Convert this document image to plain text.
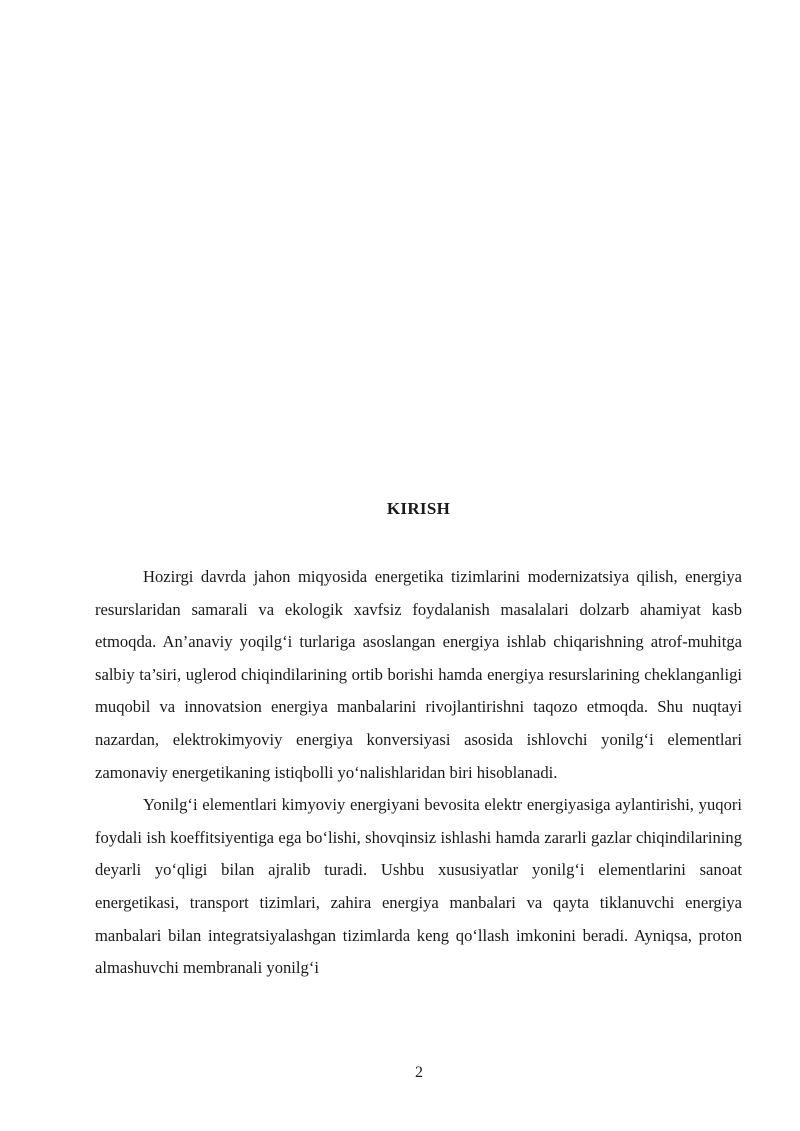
KIRISH

Hozirgi davrda jahon miqyosida energetika tizimlarini modernizatsiya qilish, energiya resurslaridan samarali va ekologik xavfsiz foydalanish masalalari dolzarb ahamiyat kasb etmoqda. An’anaviy yoqilg‘i turlariga asoslangan energiya ishlab chiqarishning atrof-muhitga salbiy ta’siri, uglerod chiqindilarining ortib borishi hamda energiya resurslarining cheklanganligi muqobil va innovatsion energiya manbalarini rivojlantirishni taqozo etmoqda. Shu nuqtayi nazardan, elektrokimyoviy energiya konversiyasi asosida ishlovchi yonilg‘i elementlari zamonaviy energetikaning istiqbolli yo‘nalishlaridan biri hisoblanadi.

Yonilg‘i elementlari kimyoviy energiyani bevosita elektr energiyasiga aylantirishi, yuqori foydali ish koeffitsiyentiga ega bo‘lishi, shovqinsiz ishlashi hamda zararli gazlar chiqindilarining deyarli yo‘qligi bilan ajralib turadi. Ushbu xususiyatlar yonilg‘i elementlarini sanoat energetikasi, transport tizimlari, zahira energiya manbalari va qayta tiklanuvchi energiya manbalari bilan integratsiyalashgan tizimlarda keng qo‘llash imkonini beradi. Ayniqsa, proton almashuvchi membranali yonilg‘i

2
